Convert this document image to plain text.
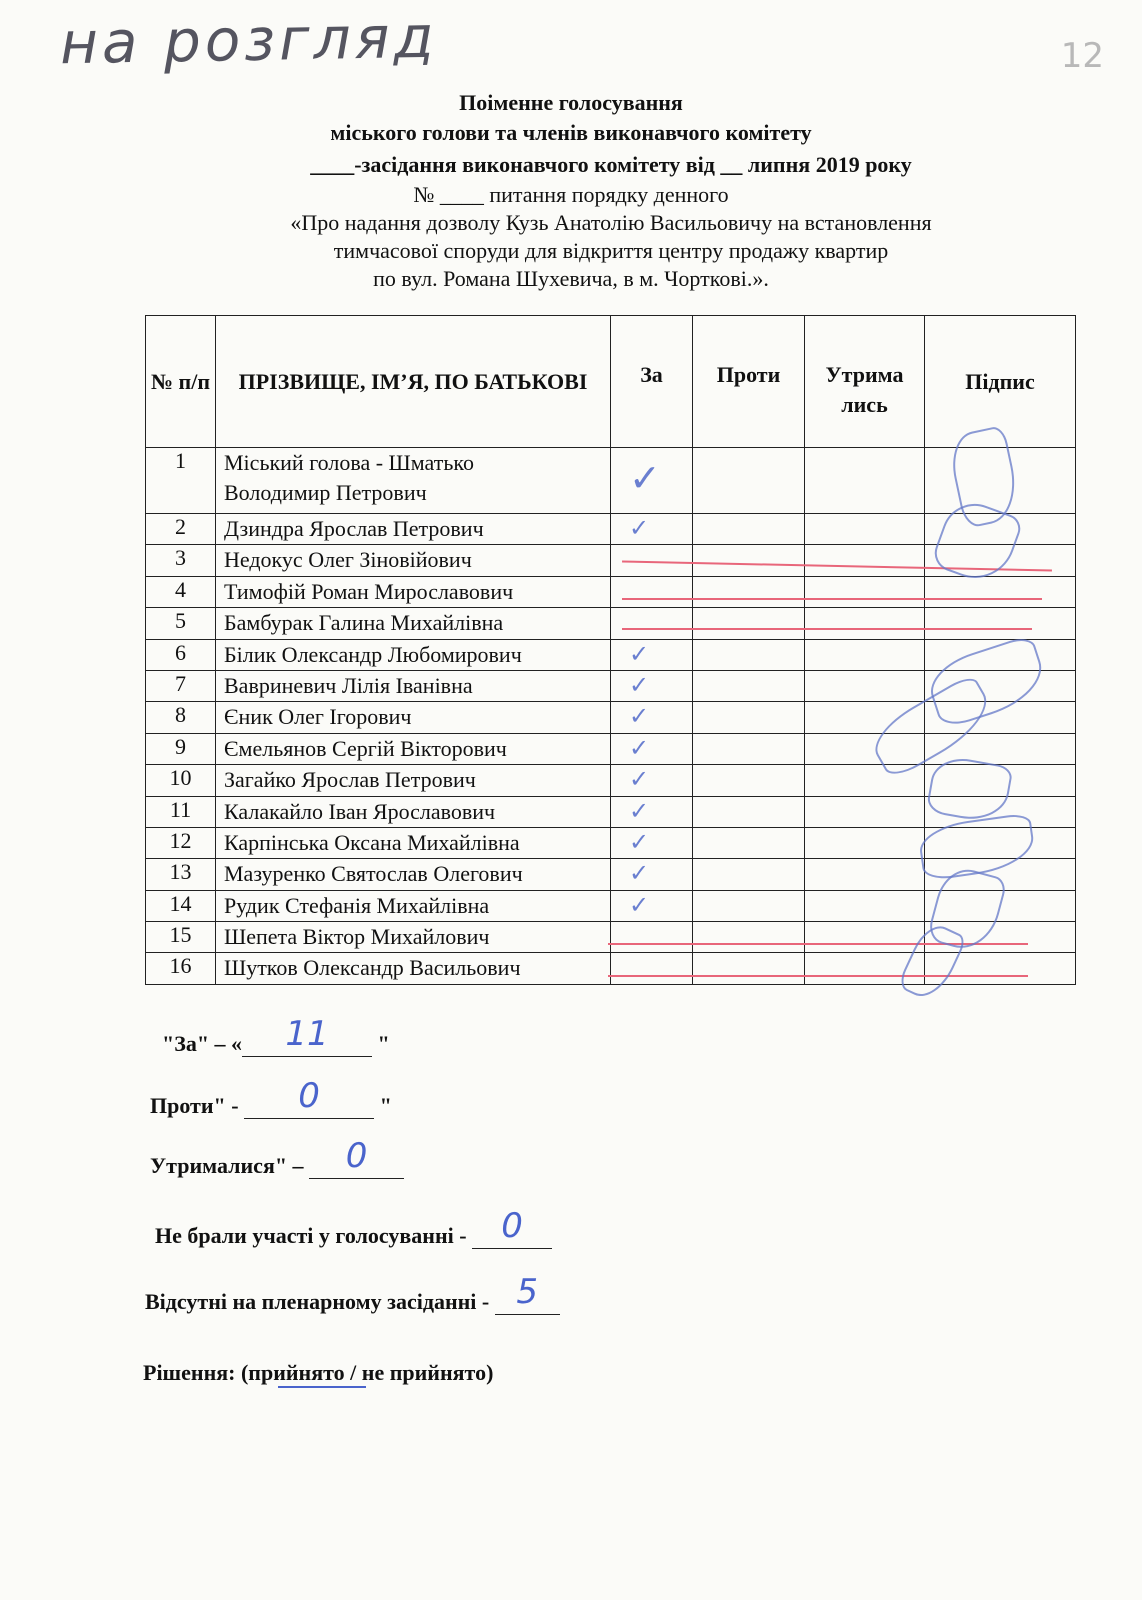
на розгляд	12
Поіменне голосування
міського голови та членів виконавчого комітету
____-засідання виконавчого комітету від __ липня 2019 року
№ ____ питання порядку денного
«Про надання дозволу Кузь Анатолію Васильовичу на встановлення
тимчасової споруди для відкриття центру продажу квартир
по вул. Романа Шухевича, в м. Чорткові.».
№ п/п	ПРІЗВИЩЕ, ІМ’Я, ПО БАТЬКОВІ	За	Проти	Утрима лись	Підпис
1	Міський голова - Шматько
Володимир Петрович	✓			

2	Дзиндра Ярослав Петрович	✓			

3	Недокус Олег Зіновійович	

4	Тимофій Роман Мирославович	

5	Бамбурак Галина Михайлівна	

6	Білик Олександр Любомирович	✓			

7	Вавриневич Лілія Іванівна	✓			

8	Єник Олег Ігорович	✓			

9	Ємельянов Сергій Вікторович	✓			

10	Загайко Ярослав Петрович	✓			

11	Калакайло Іван Ярославович	✓			

12	Карпінська Оксана Михайлівна	✓			

13	Мазуренко Святослав Олегович	✓			

14	Рудик Стефанія Михайлівна	✓			

15	Шепета Віктор Михайлович	

16	Шутков Олександр Васильович	

"За" – «	11	"
Проти" -	0	"
Утрималися" –	0
Не брали участі у голосуванні - 0
Відсутні на пленарному засіданні - 5
Рішення: (прийнято / не прийнято)
